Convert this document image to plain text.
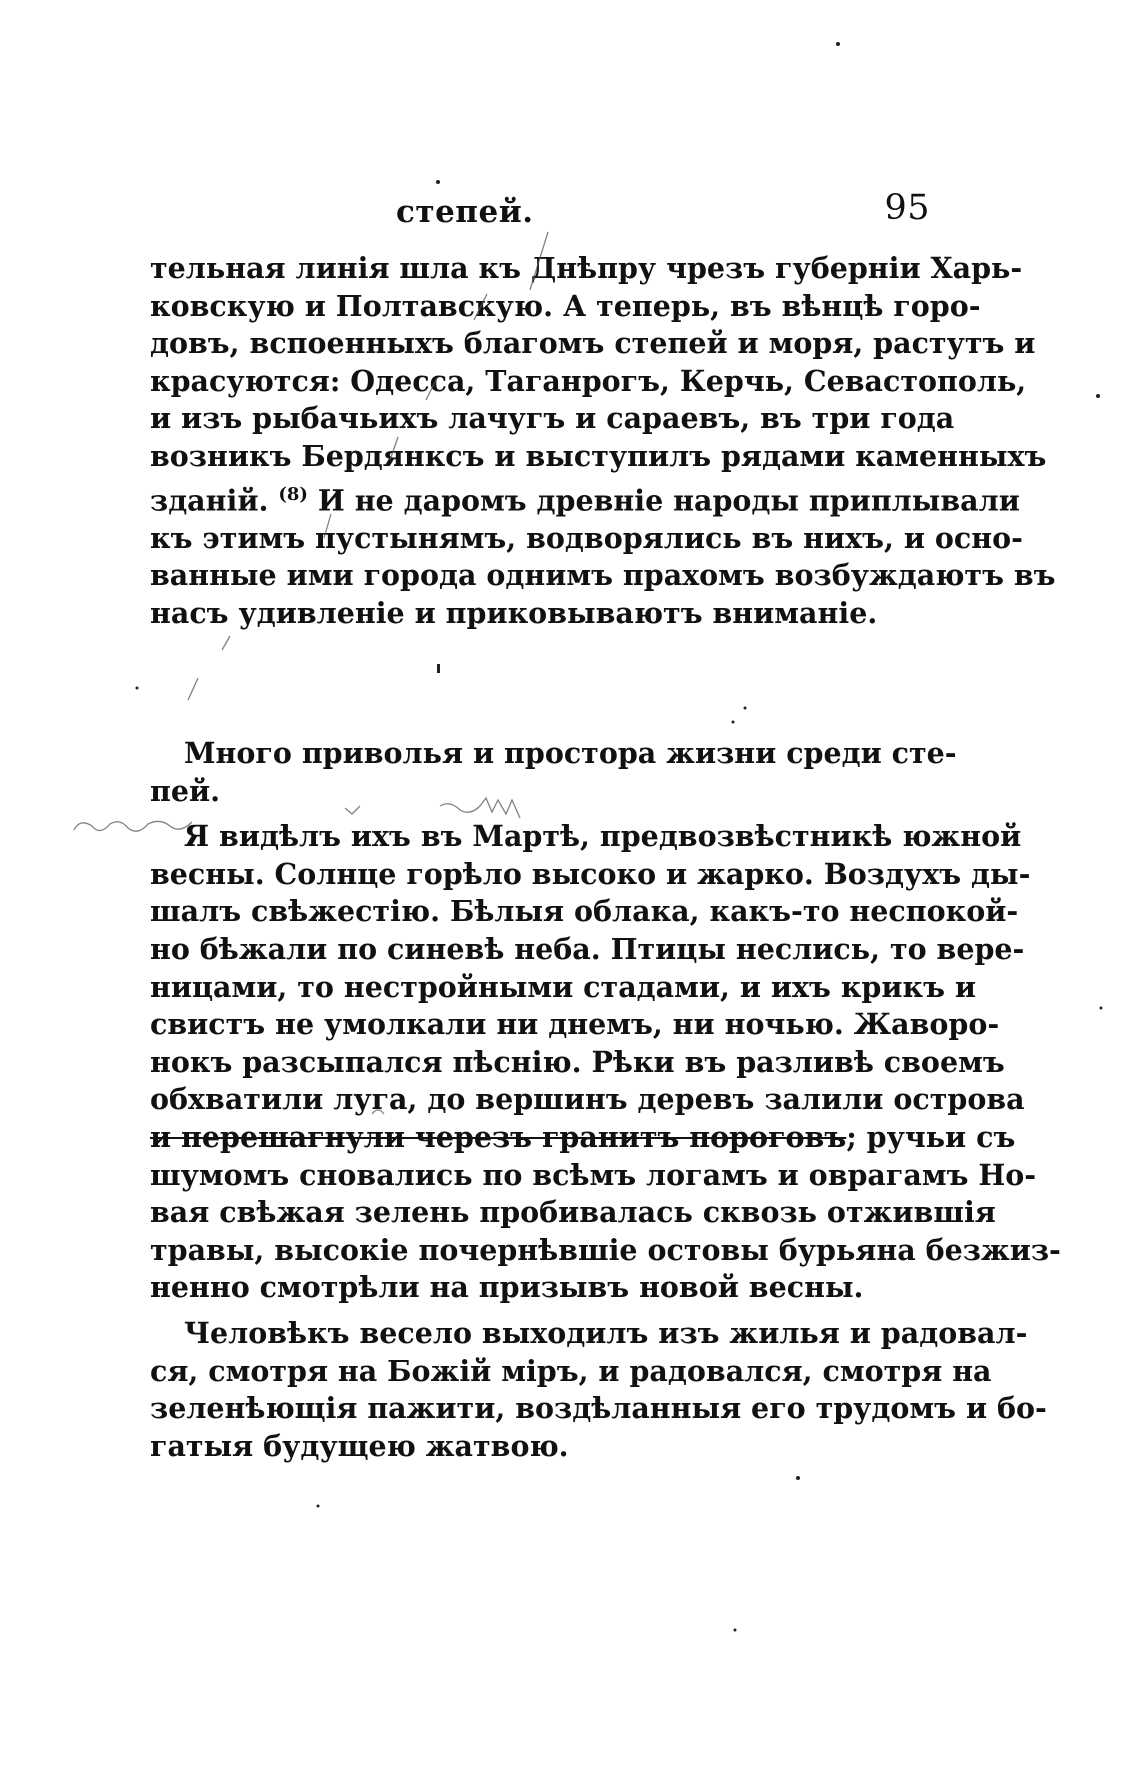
степей.	95
тельная линія шла къ Днѣпру чрезъ губерніи Харь-
ковскую и Полтавскую. А теперь, въ вѣнцѣ горо-
довъ, вспоенныхъ благомъ степей и моря, растутъ и
красуются: Одесса, Таганрогъ, Керчь, Севастополь,
и изъ рыбачьихъ лачугъ и сараевъ, въ три года
возникъ Бердянксъ и выступилъ рядами каменныхъ
зданій. $^{(8)}$ И не даромъ древніе народы приплывали
къ этимъ пустынямъ, водворялись въ нихъ, и осно-
ванные ими города однимъ прахомъ возбуждаютъ въ
насъ удивленіе и приковываютъ вниманіе.
Много приволья и простора жизни среди сте-
пей.
Я видѣлъ ихъ въ Мартѣ, предвозвѣстникѣ южной
весны. Солнце горѣло высоко и жарко. Воздухъ ды-
шалъ свѣжестію. Бѣлыя облака, какъ-то неспокой-
но бѣжали по синевѣ неба. Птицы неслись, то вере-
ницами, то нестройными стадами, и ихъ крикъ и
свистъ не умолкали ни днемъ, ни ночью. Жаворо-
нокъ разсыпался пѣснію. Рѣки въ разливѣ своемъ
обхватили луга, до вершинъ деревъ залили острова
и перешагнули черезъ гранитъ пороговъ; ручьи съ
шумомъ сновались по всѣмъ логамъ и оврагамъ Но-
вая свѣжая зелень пробивалась сквозь отжившія
травы, высокіе почернѣвшіе остовы бурьяна безжиз-
ненно смотрѣли на призывъ новой весны.
Человѣкъ весело выходилъ изъ жилья и радовал-
ся, смотря на Божій міръ, и радовался, смотря на
зеленѣющія пажити, воздѣланныя его трудомъ и бо-
гатыя будущею жатвою.
